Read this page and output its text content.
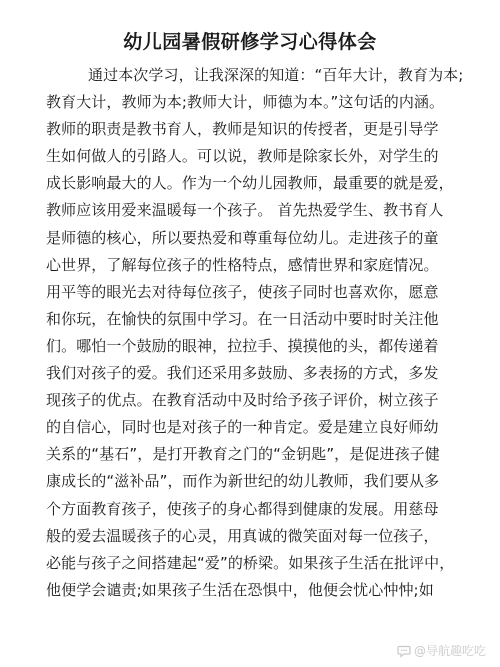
幼儿园暑假研修学习心得体会
通过本次学习，让我深深的知道：“百年大计，教育为本;
教育大计，教师为本;教师大计，师德为本。”这句话的内涵。
教师的职责是教书育人，教师是知识的传授者，更是引导学
生如何做人的引路人。可以说，教师是除家长外，对学生的
成长影响最大的人。作为一个幼儿园教师，最重要的就是爱，
教师应该用爱来温暖每一个孩子。 首先热爱学生、教书育人
是师德的核心，所以要热爱和尊重每位幼儿。走进孩子的童
心世界，了解每位孩子的性格特点，感情世界和家庭情况。
用平等的眼光去对待每位孩子，使孩子同时也喜欢你，愿意
和你玩，在愉快的氛围中学习。在一日活动中要时时关注他
们。哪怕一个鼓励的眼神，拉拉手、摸摸他的头，都传递着
我们对孩子的爱。我们还采用多鼓励、多表扬的方式，多发
现孩子的优点。在教育活动中及时给予孩子评价，树立孩子
的自信心，同时也是对孩子的一种肯定。爱是建立良好师幼
关系的“基石”，是打开教育之门的“金钥匙”，是促进孩子健
康成长的“滋补品”，而作为新世纪的幼儿教师，我们要从多
个方面教育孩子，使孩子的身心都得到健康的发展。用慈母
般的爱去温暖孩子的心灵，用真诚的微笑面对每一位孩子，
必能与孩子之间搭建起“爱”的桥梁。如果孩子生活在批评中，
他便学会谴责;如果孩子生活在恐惧中，他便会忧心忡忡;如
@导航趣吃吃
